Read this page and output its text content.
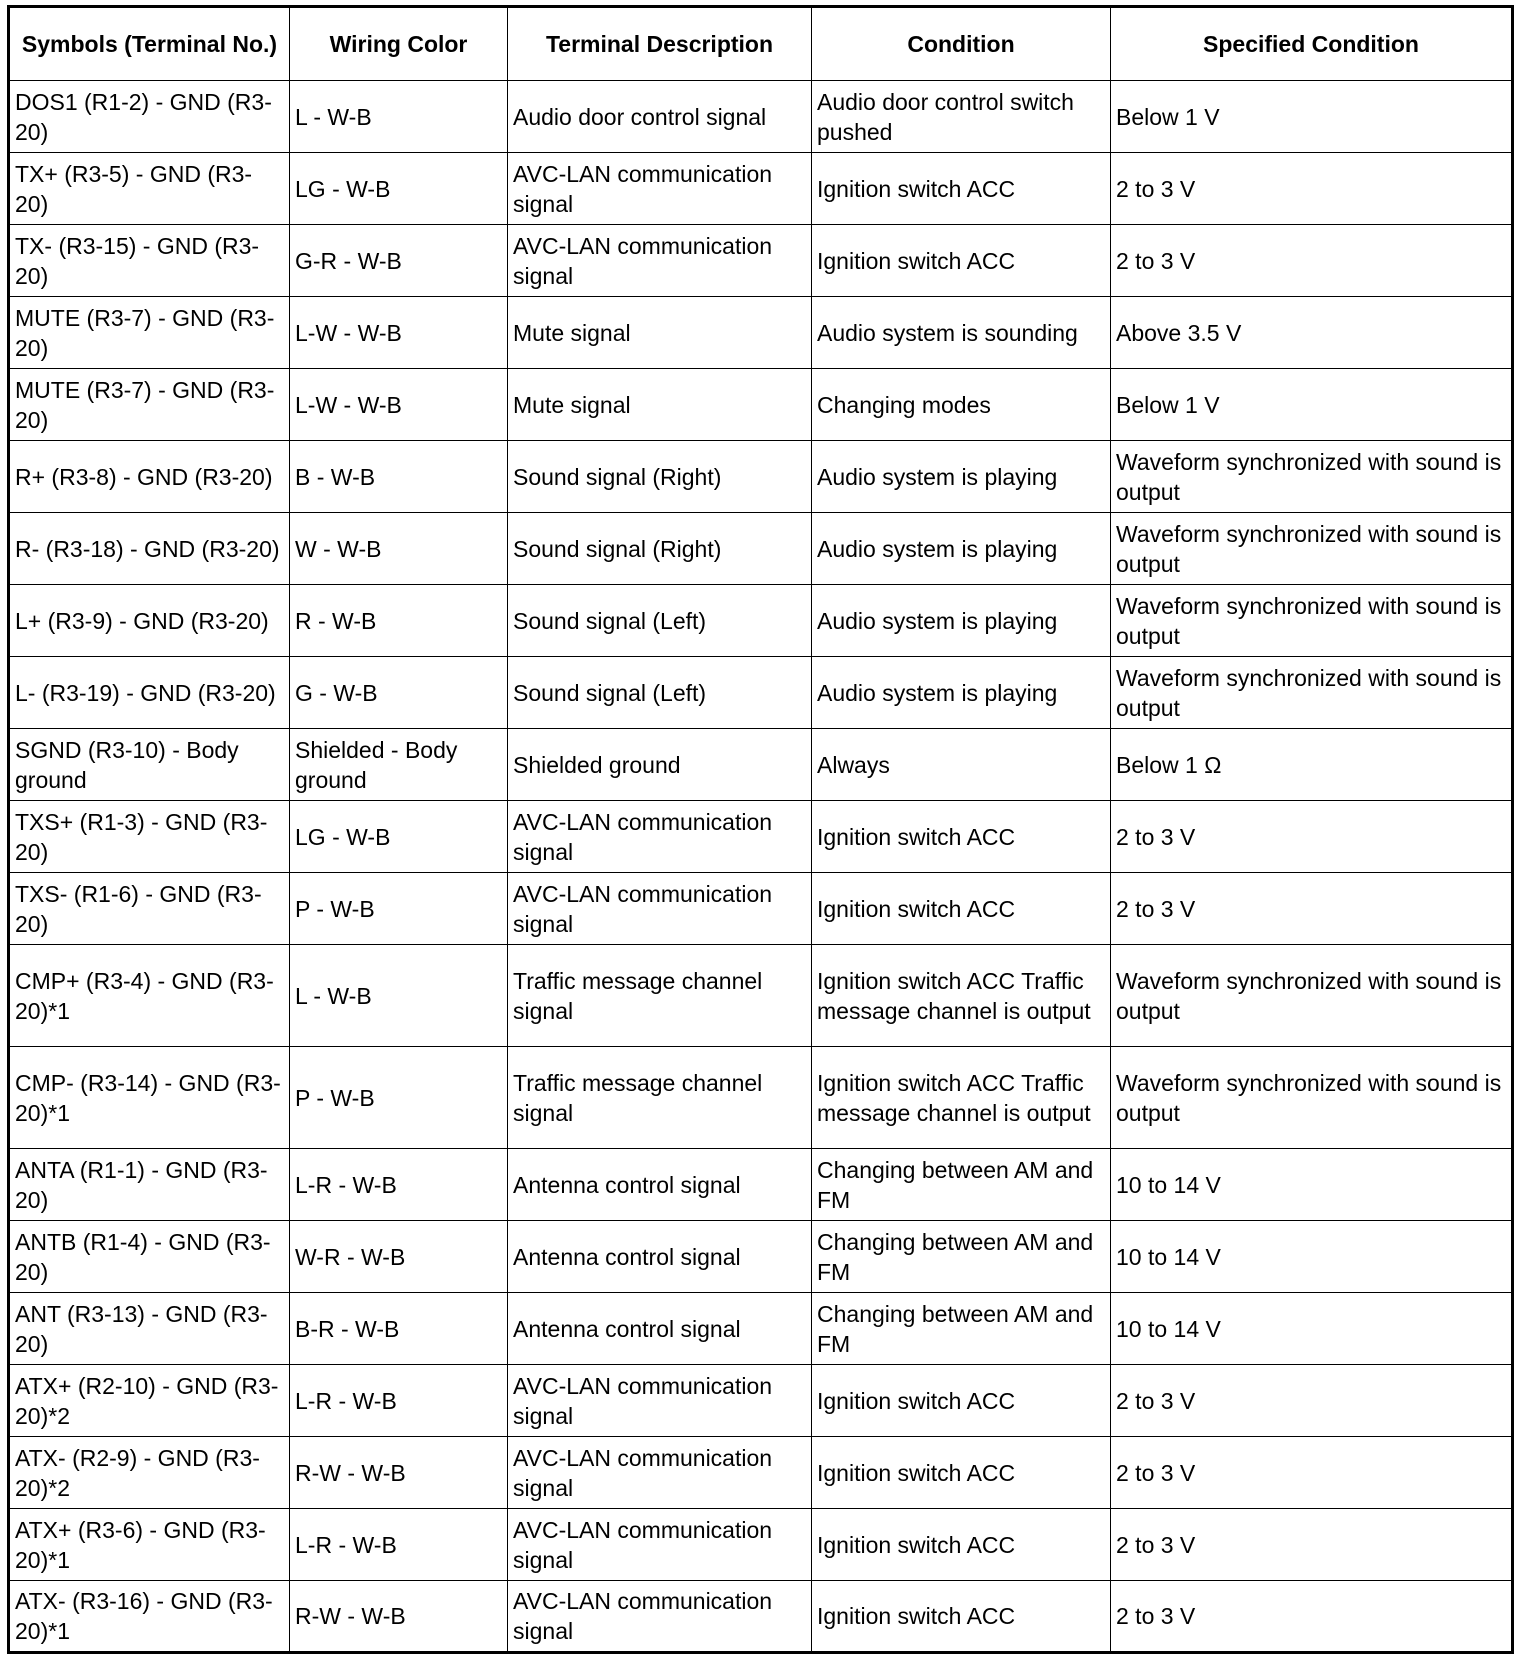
Symbols (Terminal No.)	Wiring Color	Terminal Description	Condition	Specified Condition
DOS1 (R1-2) - GND (R3-20)	L - W-B	Audio door control signal	Audio door control switch pushed	Below 1 V
TX+ (R3-5) - GND (R3-20)	LG - W-B	AVC-LAN communication signal	Ignition switch ACC	2 to 3 V
TX- (R3-15) - GND (R3-20)	G-R - W-B	AVC-LAN communication signal	Ignition switch ACC	2 to 3 V
MUTE (R3-7) - GND (R3-20)	L-W - W-B	Mute signal	Audio system is sounding	Above 3.5 V
MUTE (R3-7) - GND (R3-20)	L-W - W-B	Mute signal	Changing modes	Below 1 V
R+ (R3-8) - GND (R3-20)	B - W-B	Sound signal (Right)	Audio system is playing	Waveform synchronized with sound is output
R- (R3-18) - GND (R3-20)	W - W-B	Sound signal (Right)	Audio system is playing	Waveform synchronized with sound is output
L+ (R3-9) - GND (R3-20)	R - W-B	Sound signal (Left)	Audio system is playing	Waveform synchronized with sound is output
L- (R3-19) - GND (R3-20)	G - W-B	Sound signal (Left)	Audio system is playing	Waveform synchronized with sound is output
SGND (R3-10) - Body ground	Shielded - Body ground	Shielded ground	Always	Below 1 Ω
TXS+ (R1-3) - GND (R3-20)	LG - W-B	AVC-LAN communication signal	Ignition switch ACC	2 to 3 V
TXS- (R1-6) - GND (R3-20)	P - W-B	AVC-LAN communication signal	Ignition switch ACC	2 to 3 V
CMP+ (R3-4) - GND (R3-20)*1	L - W-B	Traffic message channel signal	Ignition switch ACC Traffic message channel is output	Waveform synchronized with sound is output
CMP- (R3-14) - GND (R3-20)*1	P - W-B	Traffic message channel signal	Ignition switch ACC Traffic message channel is output	Waveform synchronized with sound is output
ANTA (R1-1) - GND (R3-20)	L-R - W-B	Antenna control signal	Changing between AM and FM	10 to 14 V
ANTB (R1-4) - GND (R3-20)	W-R - W-B	Antenna control signal	Changing between AM and FM	10 to 14 V
ANT (R3-13) - GND (R3-20)	B-R - W-B	Antenna control signal	Changing between AM and FM	10 to 14 V
ATX+ (R2-10) - GND (R3-20)*2	L-R - W-B	AVC-LAN communication signal	Ignition switch ACC	2 to 3 V
ATX- (R2-9) - GND (R3-20)*2	R-W - W-B	AVC-LAN communication signal	Ignition switch ACC	2 to 3 V
ATX+ (R3-6) - GND (R3-20)*1	L-R - W-B	AVC-LAN communication signal	Ignition switch ACC	2 to 3 V
ATX- (R3-16) - GND (R3-20)*1	R-W - W-B	AVC-LAN communication signal	Ignition switch ACC	2 to 3 V
